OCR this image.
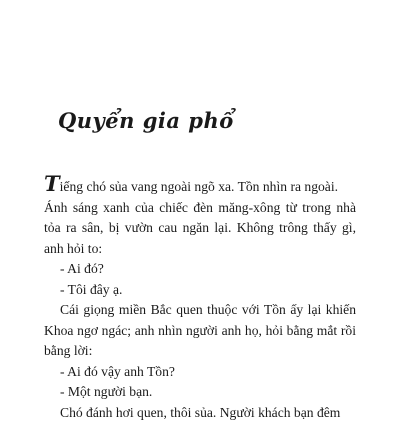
Quyển gia phổ

Tiếng chó sủa vang ngoài ngõ xa. Tồn nhìn ra ngoài.
Ánh sáng xanh của chiếc đèn măng-xông từ trong nhà tỏa ra sân, bị vườn cau ngăn lại. Không trông thấy gì, anh hỏi to:

- Ai đó?

- Tôi đây ạ.

Cái giọng miền Bắc quen thuộc với Tồn ấy lại khiến Khoa ngơ ngác; anh nhìn người anh họ, hỏi bằng mắt rồi bằng lời:

- Ai đó vậy anh Tồn?

- Một người bạn.

Chó đánh hơi quen, thôi sủa. Người khách bạn đêm
